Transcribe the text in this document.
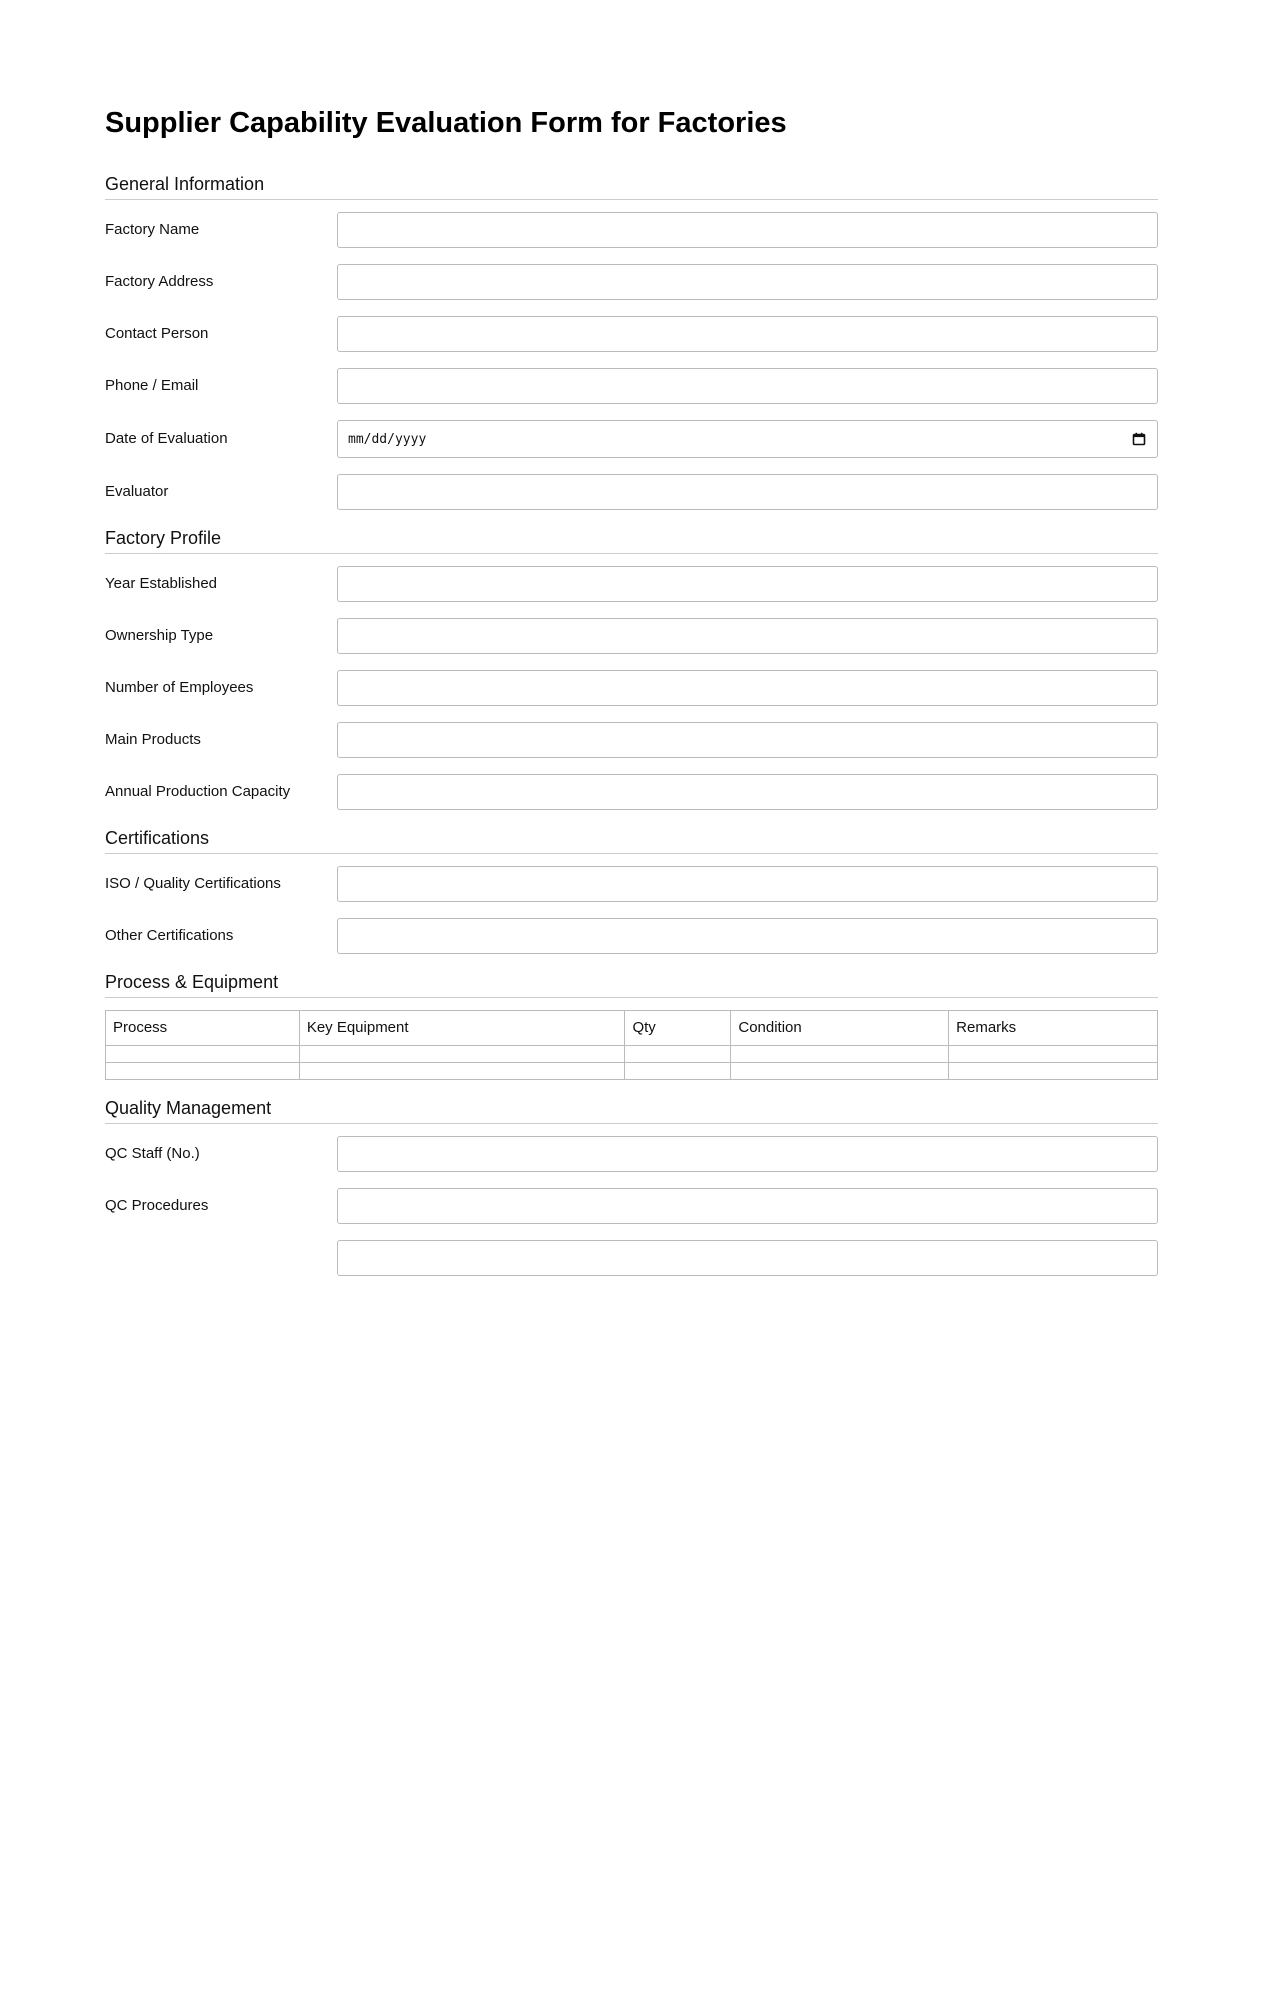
Supplier Capability Evaluation Form for Factories
General Information
Factory Name
Factory Address
Contact Person
Phone / Email
Date of Evaluation	mm/dd/yyyy
Evaluator
Factory Profile
Year Established
Ownership Type
Number of Employees
Main Products
Annual Production Capacity
Certifications
ISO / Quality Certifications
Other Certifications
Process & Equipment
Process	Key Equipment	Qty	Condition	Remarks

Quality Management
QC Staff (No.)
QC Procedures
